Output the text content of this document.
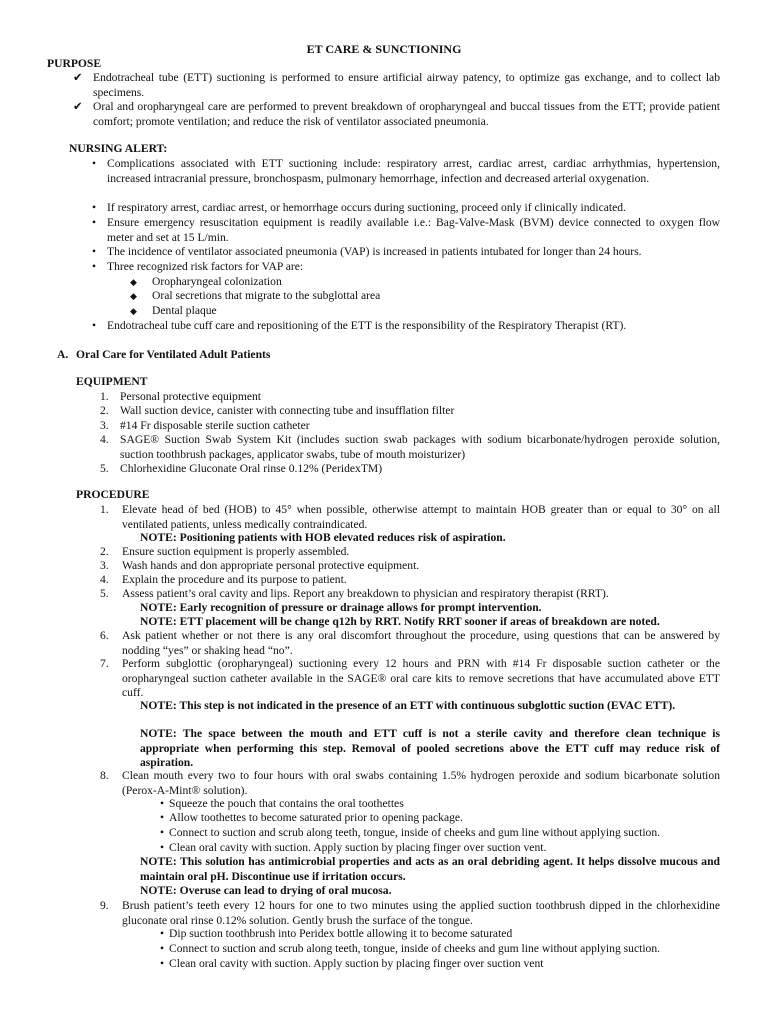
ET CARE & SUNCTIONING
PURPOSE
✔ Endotracheal tube (ETT) suctioning is performed to ensure artificial airway patency, to optimize gas exchange, and to collect lab specimens.
✔ Oral and oropharyngeal care are performed to prevent breakdown of oropharyngeal and buccal tissues from the ETT; provide patient comfort; promote ventilation; and reduce the risk of ventilator associated pneumonia.
NURSING ALERT:
• Complications associated with ETT suctioning include: respiratory arrest, cardiac arrest, cardiac arrhythmias, hypertension, increased intracranial pressure, bronchospasm, pulmonary hemorrhage, infection and decreased arterial oxygenation.
• If respiratory arrest, cardiac arrest, or hemorrhage occurs during suctioning, proceed only if clinically indicated.
• Ensure emergency resuscitation equipment is readily available i.e.: Bag-Valve-Mask (BVM) device connected to oxygen flow meter and set at 15 L/min.
• The incidence of ventilator associated pneumonia (VAP) is increased in patients intubated for longer than 24 hours.
• Three recognized risk factors for VAP are:
◆ Oropharyngeal colonization
◆ Oral secretions that migrate to the subglottal area
◆ Dental plaque
• Endotracheal tube cuff care and repositioning of the ETT is the responsibility of the Respiratory Therapist (RT).
A. Oral Care for Ventilated Adult Patients
EQUIPMENT
1. Personal protective equipment
2. Wall suction device, canister with connecting tube and insufflation filter
3. #14 Fr disposable sterile suction catheter
4. SAGE® Suction Swab System Kit (includes suction swab packages with sodium bicarbonate/hydrogen peroxide solution, suction toothbrush packages, applicator swabs, tube of mouth moisturizer)
5. Chlorhexidine Gluconate Oral rinse 0.12% (PeridexTM)
PROCEDURE
1. Elevate head of bed (HOB) to 45° when possible, otherwise attempt to maintain HOB greater than or equal to 30° on all ventilated patients, unless medically contraindicated.
NOTE: Positioning patients with HOB elevated reduces risk of aspiration.
2. Ensure suction equipment is properly assembled.
3. Wash hands and don appropriate personal protective equipment.
4. Explain the procedure and its purpose to patient.
5. Assess patient’s oral cavity and lips. Report any breakdown to physician and respiratory therapist (RRT).
NOTE: Early recognition of pressure or drainage allows for prompt intervention.
NOTE: ETT placement will be change q12h by RRT. Notify RRT sooner if areas of breakdown are noted.
6. Ask patient whether or not there is any oral discomfort throughout the procedure, using questions that can be answered by nodding “yes” or shaking head “no”.
7. Perform subglottic (oropharyngeal) suctioning every 12 hours and PRN with #14 Fr disposable suction catheter or the oropharyngeal suction catheter available in the SAGE® oral care kits to remove secretions that have accumulated above ETT cuff.
NOTE: This step is not indicated in the presence of an ETT with continuous subglottic suction (EVAC ETT).
NOTE: The space between the mouth and ETT cuff is not a sterile cavity and therefore clean technique is appropriate when performing this step. Removal of pooled secretions above the ETT cuff may reduce risk of aspiration.
8. Clean mouth every two to four hours with oral swabs containing 1.5% hydrogen peroxide and sodium bicarbonate solution (Perox-A-Mint® solution).
• Squeeze the pouch that contains the oral toothettes
• Allow toothettes to become saturated prior to opening package.
• Connect to suction and scrub along teeth, tongue, inside of cheeks and gum line without applying suction.
• Clean oral cavity with suction. Apply suction by placing finger over suction vent.
NOTE: This solution has antimicrobial properties and acts as an oral debriding agent. It helps dissolve mucous and maintain oral pH. Discontinue use if irritation occurs.
NOTE: Overuse can lead to drying of oral mucosa.
9. Brush patient’s teeth every 12 hours for one to two minutes using the applied suction toothbrush dipped in the chlorhexidine gluconate oral rinse 0.12% solution. Gently brush the surface of the tongue.
• Dip suction toothbrush into Peridex bottle allowing it to become saturated
• Connect to suction and scrub along teeth, tongue, inside of cheeks and gum line without applying suction.
• Clean oral cavity with suction. Apply suction by placing finger over suction vent
